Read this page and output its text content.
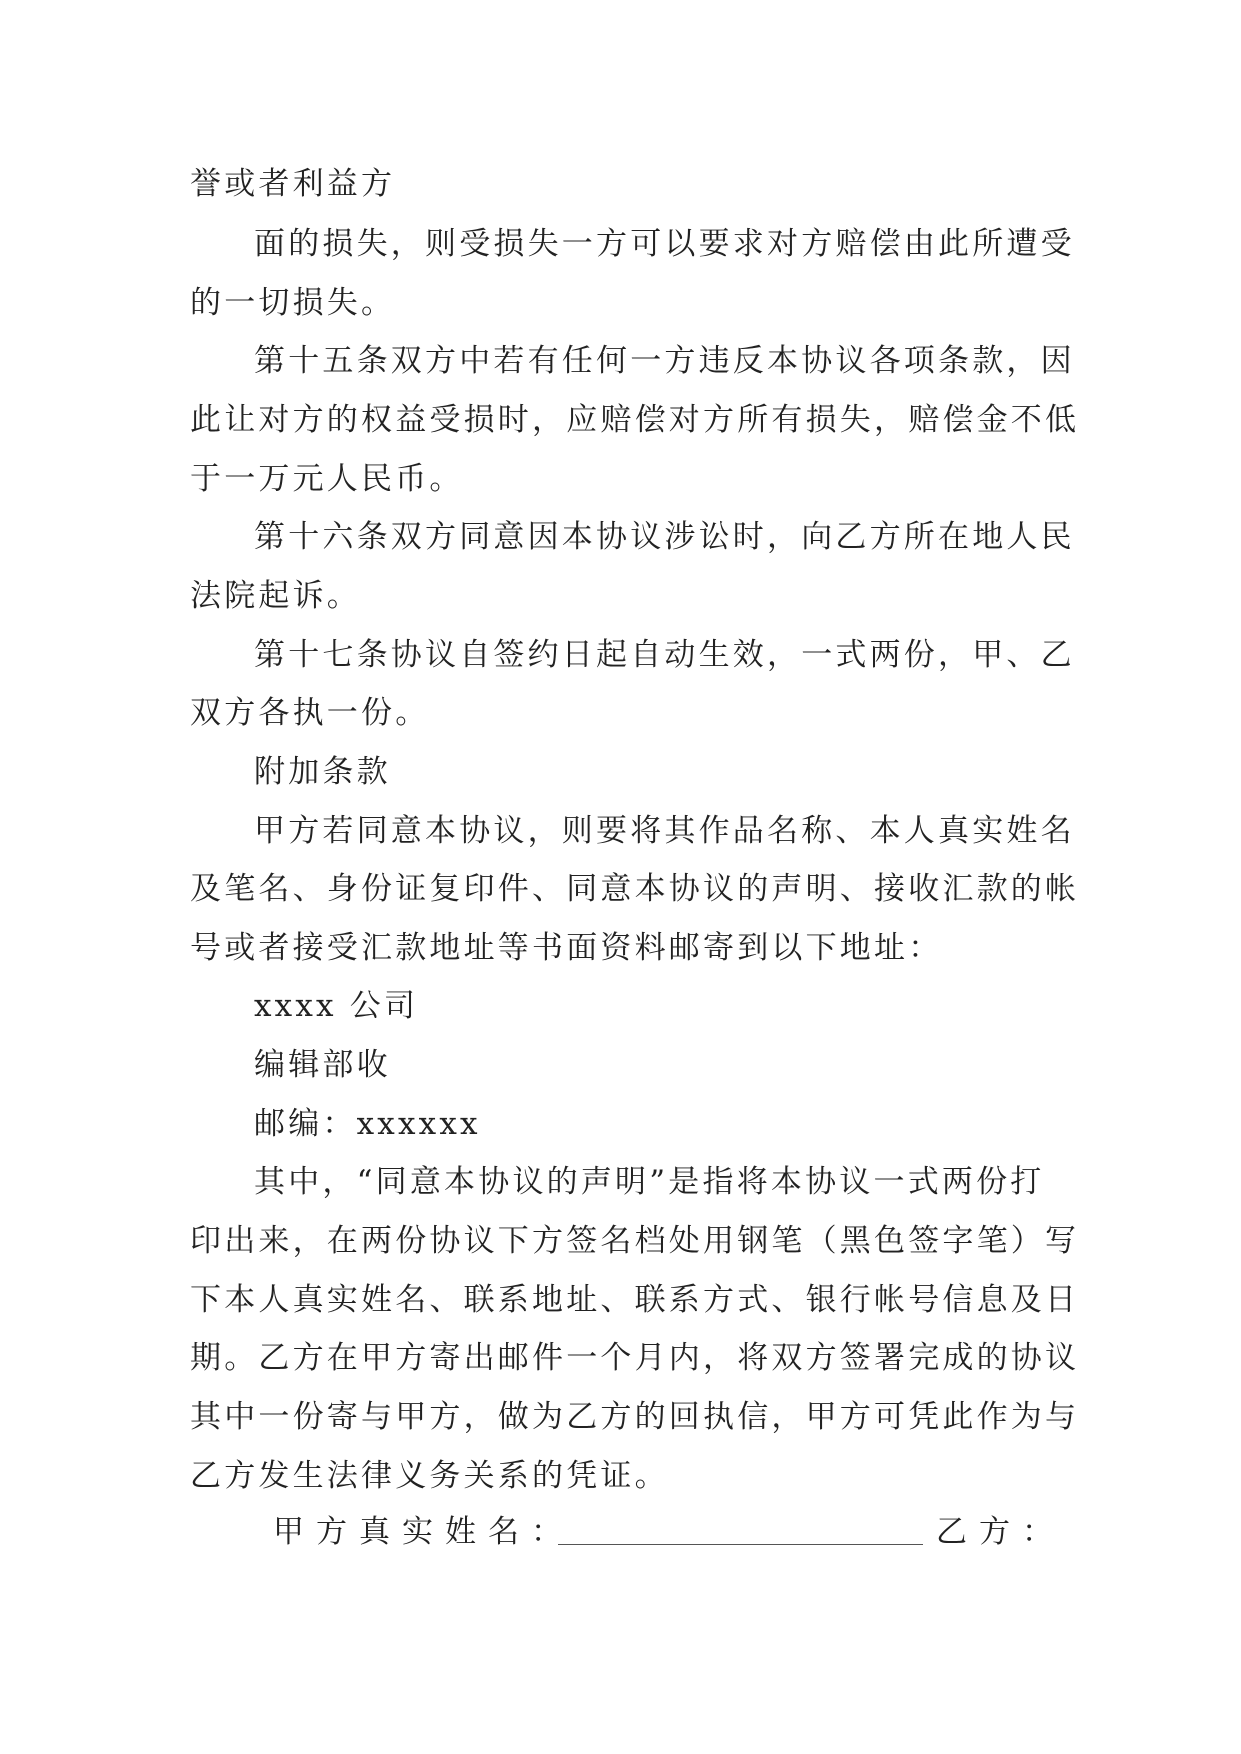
誉或者利益方
面的损失，则受损失一方可以要求对方赔偿由此所遭受
的一切损失。
第十五条双方中若有任何一方违反本协议各项条款，因
此让对方的权益受损时，应赔偿对方所有损失，赔偿金不低
于一万元人民币。
第十六条双方同意因本协议涉讼时，向乙方所在地人民
法院起诉。
第十七条协议自签约日起自动生效，一式两份，甲、乙
双方各执一份。
附加条款
甲方若同意本协议，则要将其作品名称、本人真实姓名
及笔名、身份证复印件、同意本协议的声明、接收汇款的帐
号或者接受汇款地址等书面资料邮寄到以下地址：
xxxx 公司
编辑部收
邮编：xxxxxx
其中，“同意本协议的声明”是指将本协议一式两份打
印出来，在两份协议下方签名档处用钢笔（黑色签字笔）写
下本人真实姓名、联系地址、联系方式、银行帐号信息及日
期。乙方在甲方寄出邮件一个月内，将双方签署完成的协议
其中一份寄与甲方，做为乙方的回执信，甲方可凭此作为与
乙方发生法律义务关系的凭证。
甲方真实姓名：	乙方：
